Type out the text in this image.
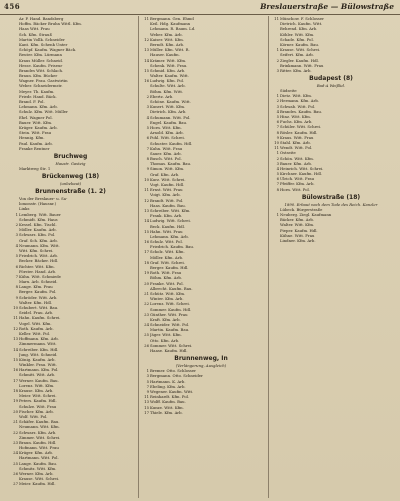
456	Breslauerstraße — Bülowstraße
Ar. P. Hand. Bandsberg
Hoffm. Bäcker Bruhn Wittl. Kfm.
Haas Witt. Frau
Sch. Kfm. Strauß
Martin Vollk. Schneider
Kant. Kfm. Schenk Unter
Schöpf. Kaufm. Wagner Bäck.
Reuter. Kfm. Lürmann
Kraus Müller. Schneid.
Hesse. Kaufm. Friseur
Brandes Witt. Schlach.
Braun. Kfm. Bücker
Wagner. Frau. Gastwirtin
Weber. Schneidermstr.
Meyer. Th. Kaufm.
Friedr. Hand. Bäck.
Brand. F. Pol.
Lehmann. Kfm. Arb.
Schulz. Kfm. Witt. Müller
Ehrl. Wagner Pol.
Bauer. Witt. Kfm.
Krüger. Kaufm. Arb.
Stein. Witt. Frau
Hennig. Kfm.
Paul. Kaufm. Arb.
Franke Rentner
Bruchweg
Haustr. Gasteig
Marktweg Str. 1
Brückenweg (18)
(unbebaut)
Brunnenstraße (1. 2)
Von der Breslauer- u. Sa-
lomonstr. (Hausnr.)
Links
1 Lemberg. Witt. Bauer
Schmidt. Kfm. Haus
2 Kessel. Kfm. Tischl.
Möller. Kaufm. Arb.
3 Schwarz. Kfm. Pol.
Graf. Sch. Kfm. Arb.
4 Neumann. Kfm. Witt.
Witt. Kfm. Schrei.
5 Friedrich. Witt. Arb.
Becker. Bäcker. Hdl.
6 Richter. Witt. Kfm.
Förster. Hand. Arb.
7 Kühn. Witt. Schmiede
Marx. Arb. Schneid.
8 Lange. Kfm. Frau
Berger. Kaufm. Pol.
9 Schröder. Witt. Arb.
Walter. Kfm. Hdl.
10 Schubert. Witt. Bau.
Seidel. Frau. Arb.
11 Hahn. Kaufm. Schrei.
Vogel. Witt. Kfm.
12 Roth. Kaufm. Arb.
Keller. Witt. Pol.
13 Hoffmann. Kfm. Arb.
Zimmermann. Witt.
14 Schreiber. Kfm. Hdl.
Jung. Witt. Schneid.
15 König. Kaufm. Arb.
Winkler. Frau. Witt.
16 Hartmann. Kfm. Pol.
Schmitt. Witt. Arb.
17 Werner. Kaufm. Bau.
Lorenz. Witt. Kfm.
18 Krause. Kfm. Arb.
Meier. Witt. Schrei.
19 Peters. Kaufm. Hdl.
Schulze. Witt. Frau
20 Fischer. Kfm. Arb.
Wolf. Witt. Pol.
21 Schäfer. Kaufm. Bau.
Neumann. Witt. Kfm.
22 Schwarz. Kfm. Arb.
Zimmer. Witt. Schrei.
23 Braun. Kaufm. Hdl.
Hofmann. Witt. Frau
24 Krüger. Kfm. Arb.
Hartmann. Witt. Pol.
25 Lange. Kaufm. Bau.
Schmitz. Witt. Kfm.
26 Werner. Kfm. Arb.
Krause. Witt. Schrei.
27 Meier. Kaufm. Hdl.
11 Bergmann. Gen. Ehmd
Keil. Hdg. Kaufmann
Lehmann. R. Baum. Ld.
Weber. Kfm. Arb.
12 Kaiser. Witt. Kfm.
Berndt. Kfm. Arb.
13 Müller. Kfm. Witt. R.
Hauser. Kaufm.
14 Krämer. Witt. Kfm.
Schenk. Witt. Frau.
15 Schmid. Kfm. Arb.
Walter. Kaufm. Witt.
16 Ludwig. Kfm. Pol.
Schulte. Witt. Arb.
Böhm. Kfm. Witt.
2 Ebertz. Arb.
Schöne. Kaufm. Witt.
3 Kunert. Witt. Kfm.
Dietrich. Kfm. Arb.
4 Schumann. Witt. Pol.
Engel. Kaufm. Bau.
5 Horn. Witt. Kfm.
Arnold. Kfm. Arb.
6 Pohl. Witt. Schrei.
Schuster. Kaufm. Hdl.
7 Kuhn. Witt. Frau
Sauer. Kfm. Arb.
8 Busch. Witt. Pol.
Thomas. Kaufm. Bau.
9 Simon. Witt. Kfm.
Graf. Kfm. Arb.
10 Kurz. Witt. Schrei.
Vogt. Kaufm. Hdl.
11 Ernst. Witt. Frau
Voigt. Kfm. Arb.
12 Brandt. Witt. Pol.
Haas. Kaufm. Bau.
13 Schreiber. Witt. Kfm.
Frank. Kfm. Arb.
14 Ludwig. Witt. Schrei.
Beck. Kaufm. Hdl.
15 Hahn. Witt. Frau
Lehmann. Kfm. Arb.
16 Schulz. Witt. Pol.
Friedrich. Kaufm. Bau.
17 Scholz. Witt. Kfm.
Möller. Kfm. Arb.
18 Graf. Witt. Schrei.
Berger. Kaufm. Hdl.
19 Roth. Witt. Frau
Böhm. Kfm. Arb.
20 Franke. Witt. Pol.
Albrecht. Kaufm. Bau.
21 Schütz. Witt. Kfm.
Winter. Kfm. Arb.
22 Lorenz. Witt. Schrei.
Sommer. Kaufm. Hdl.
23 Günther. Witt. Frau
Kraft. Kfm. Arb.
24 Schneider. Witt. Pol.
Martin. Kaufm. Bau.
25 Jäger. Witt. Kfm.
Otto. Kfm. Arb.
26 Sommer. Witt. Schrei.
Haase. Kaufm. Hdl.
Brunnenweg, In
(Verlängerung, Ausgleich)
1 Bremer. Otto. Schlosser
3 Bergmann. Otto. Schneider
5 Hartmann. K. Arb.
7 Ebeling. Kfm. Arb.
9 Wegener. Kaufm. Witt.
11 Reinhardt. Kfm. Pol.
13 Wolff. Kaufm. Bau.
15 Kunze. Witt. Kfm.
17 Thiele. Kfm. Arb.
11 Münchow. F. Schlosser
Dietrich. Kaufm. Witt.
Behrend. Kfm. Arb.
Köhler. Witt. Kfm.
Schade. Kfm. Pol.
Körner. Kaufm. Bau.
1 Krause. Witt. Schrei.
Seifert. Kfm. Arb.
2 Ziegler. Kaufm. Hdl.
Brinkmann. Witt. Frau
3 Ritter. Kfm. Arb.
Budapest (8)
Bad-A Weißkd.
Südseite
1 Dietz. Witt. Kfm.
2 Hermann. Kfm. Arb.
3 Schwab. Witt. Pol.
4 Brandes. Kaufm. Bau.
5 Hinz. Witt. Kfm.
6 Fuchs. Kfm. Arb.
7 Schüler. Witt. Schrei.
8 Rösler. Kaufm. Hdl.
9 Kraus. Witt. Frau
10 Stahl. Kfm. Arb.
11 Wendt. Witt. Pol.
1 Ostseite
2 Schön. Witt. Kfm.
3 Bauer. Kfm. Arb.
4 Heinrich. Witt. Schrei.
5 Kirchner. Kaufm. Hdl.
6 Ulrich. Witt. Frau
7 Pfeiffer. Kfm. Arb.
8 Horn. Witt. Pol.
Bülowstraße (18)
1890. Erbaut nach dem Tode des Reich. Kanzler
Lübeck. Bürgerstraße
1 Neuberg. Ziegl. Kaufmann
Bäcker. Kfm. Arb.
Walter. Witt. Kfm.
Pieper. Kaufm. Hdl.
Kühne. Witt. Frau
Lindner. Kfm. Arb.
